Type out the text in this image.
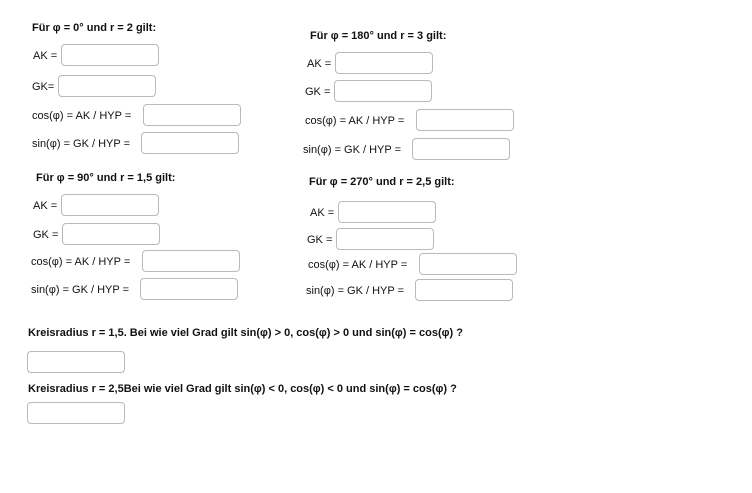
Für φ = 0° und r = 2 gilt:
AK =
GK=
cos(φ) = AK / HYP =
sin(φ) = GK / HYP =
Für φ = 180° und r = 3 gilt:
AK =
GK =
cos(φ) = AK / HYP =
sin(φ) = GK / HYP =
Für φ = 90° und r = 1,5 gilt:
AK =
GK =
cos(φ) = AK / HYP =
sin(φ) = GK / HYP =
Für φ = 270° und r = 2,5 gilt:
AK =
GK =
cos(φ) = AK / HYP =
sin(φ) = GK / HYP =
Kreisradius r = 1,5. Bei wie viel Grad gilt sin(φ) > 0, cos(φ) > 0 und sin(φ) = cos(φ) ?
Kreisradius r = 2,5Bei wie viel Grad gilt sin(φ) < 0, cos(φ) < 0 und sin(φ) = cos(φ) ?
